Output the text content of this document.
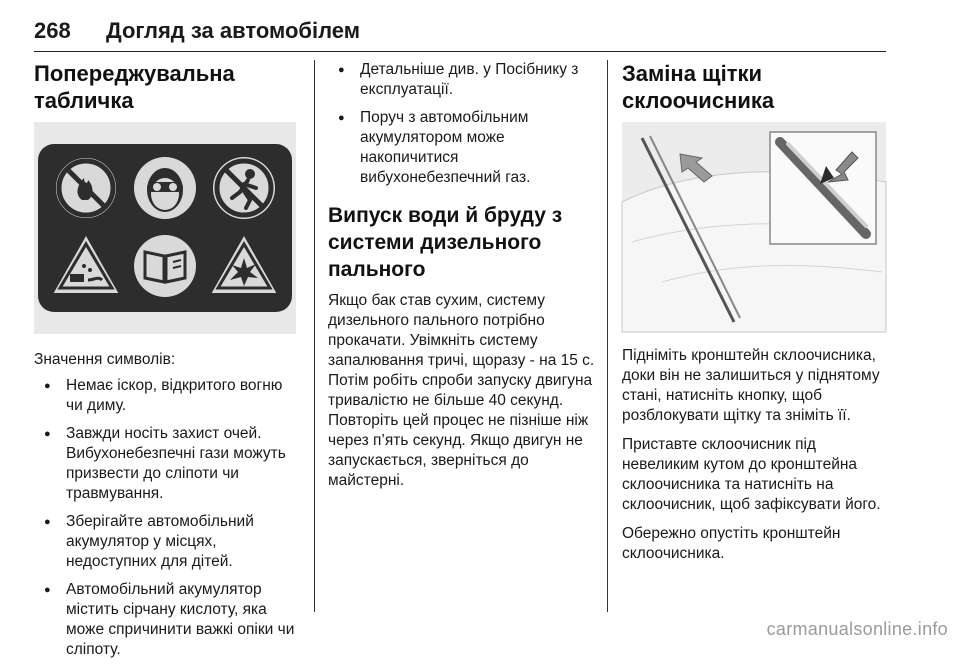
268 Догляд за автомобілем
Попереджувальна табличка

Значення символів:

● Немає іскор, відкритого вогню чи диму.
● Завжди носіть захист очей. Вибухонебезпечні гази можуть призвести до сліпоти чи травмування.
● Зберігайте автомобільний акумулятор у місцях, недоступних для дітей.
● Автомобільний акумулятор містить сірчану кислоту, яка може спричинити важкі опіки чи сліпоту.
● Детальніше див. у Посібнику з експлуатації.
● Поруч з автомобільним акумулятором може накопичитися вибухонебезпечний газ.
Випуск води й бруду з системи дизельного пального

Якщо бак став сухим, систему дизельного пального потрібно прокачати. Увімкніть систему запалювання тричі, щоразу - на 15 с. Потім робіть спроби запуску двигуна тривалістю не більше 40 секунд. Повторіть цей процес не пізніше ніж через п’ять секунд. Якщо двигун не запускається, зверніться до майстерні.

Заміна щітки склоочисника

Підніміть кронштейн склоочисника, доки він не залишиться у піднятому стані, натисніть кнопку, щоб розблокувати щітку та зніміть її.

Приставте склоочисник під невеликим кутом до кронштейна склоочисника та натисніть на склоочисник, щоб зафіксувати його.

Обережно опустіть кронштейн склоочисника.

carmanualsonline.info
